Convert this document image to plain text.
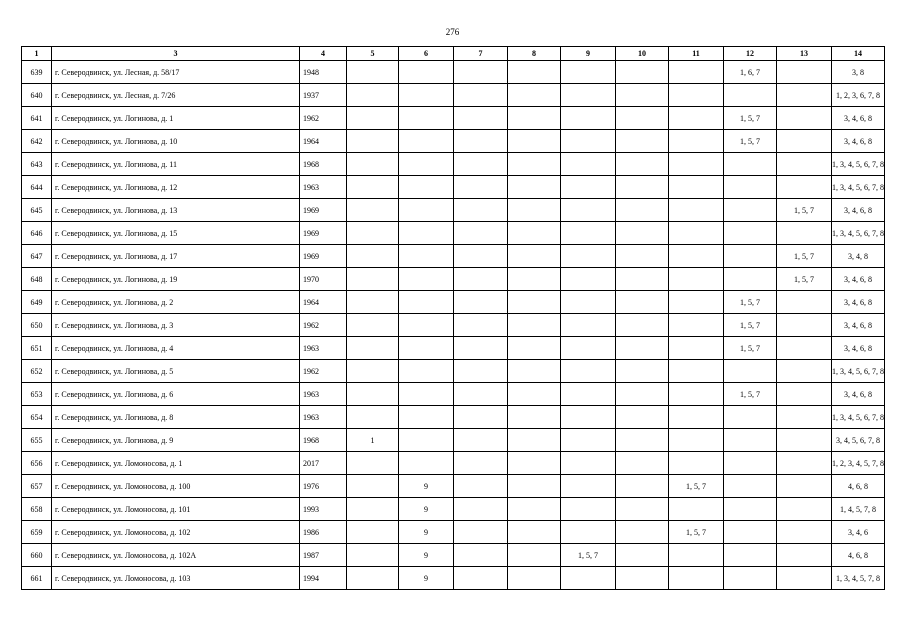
276
1	3	4	5	6	7	8	9	10	11	12	13	14
639	г. Северодвинск, ул. Лесная, д. 58/17	1948								1, 6, 7		3, 8
640	г. Северодвинск, ул. Лесная, д. 7/26	1937										1, 2, 3, 6, 7, 8
641	г. Северодвинск, ул. Логинова, д. 1	1962								1, 5, 7		3, 4, 6, 8
642	г. Северодвинск, ул. Логинова, д. 10	1964								1, 5, 7		3, 4, 6, 8
643	г. Северодвинск, ул. Логинова, д. 11	1968										1, 3, 4, 5, 6, 7, 8
644	г. Северодвинск, ул. Логинова, д. 12	1963										1, 3, 4, 5, 6, 7, 8
645	г. Северодвинск, ул. Логинова, д. 13	1969									1, 5, 7	3, 4, 6, 8
646	г. Северодвинск, ул. Логинова, д. 15	1969										1, 3, 4, 5, 6, 7, 8
647	г. Северодвинск, ул. Логинова, д. 17	1969									1, 5, 7	3, 4, 8
648	г. Северодвинск, ул. Логинова, д. 19	1970									1, 5, 7	3, 4, 6, 8
649	г. Северодвинск, ул. Логинова, д. 2	1964								1, 5, 7		3, 4, 6, 8
650	г. Северодвинск, ул. Логинова, д. 3	1962								1, 5, 7		3, 4, 6, 8
651	г. Северодвинск, ул. Логинова, д. 4	1963								1, 5, 7		3, 4, 6, 8
652	г. Северодвинск, ул. Логинова, д. 5	1962										1, 3, 4, 5, 6, 7, 8
653	г. Северодвинск, ул. Логинова, д. 6	1963								1, 5, 7		3, 4, 6, 8
654	г. Северодвинск, ул. Логинова, д. 8	1963										1, 3, 4, 5, 6, 7, 8
655	г. Северодвинск, ул. Логинова, д. 9	1968	1									3, 4, 5, 6, 7, 8
656	г. Северодвинск, ул. Ломоносова, д. 1	2017										1, 2, 3, 4, 5, 7, 8
657	г. Северодвинск, ул. Ломоносова, д. 100	1976		9					1, 5, 7			4, 6, 8
658	г. Северодвинск, ул. Ломоносова, д. 101	1993		9								1, 4, 5, 7, 8
659	г. Северодвинск, ул. Ломоносова, д. 102	1986		9					1, 5, 7			3, 4, 6
660	г. Северодвинск, ул. Ломоносова, д. 102А	1987		9			1, 5, 7					4, 6, 8
661	г. Северодвинск, ул. Ломоносова, д. 103	1994		9								1, 3, 4, 5, 7, 8
